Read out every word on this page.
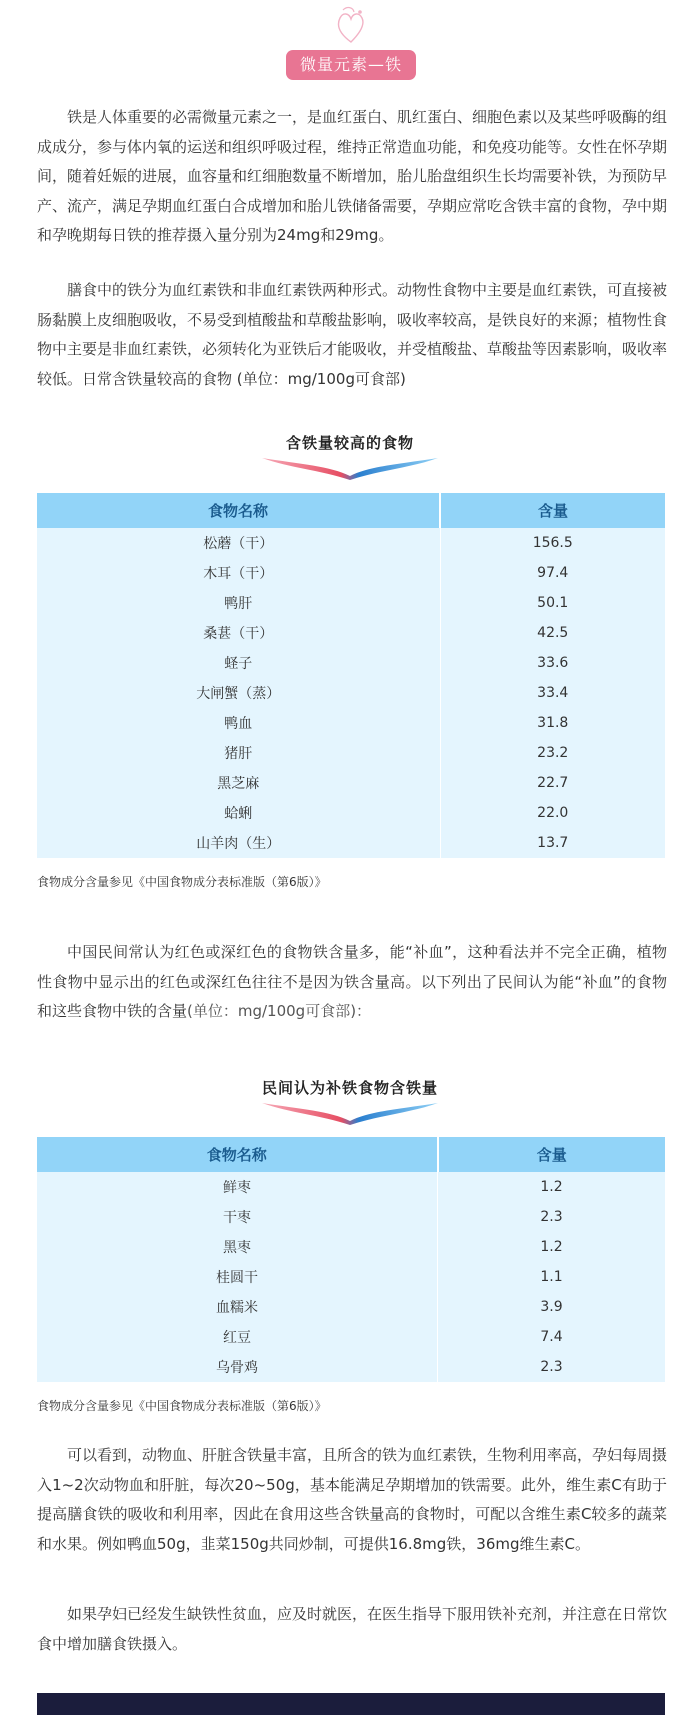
微量元素—铁

铁是人体重要的必需微量元素之一，是血红蛋白、肌红蛋白、细胞色素以及某些呼吸酶的组成成分，参与体内氧的运送和组织呼吸过程，维持正常造血功能，和免疫功能等。女性在怀孕期间，随着妊娠的进展，血容量和红细胞数量不断增加，胎儿胎盘组织生长均需要补铁，为预防早产、流产，满足孕期血红蛋白合成增加和胎儿铁储备需要，孕期应常吃含铁丰富的食物，孕中期和孕晚期每日铁的推荐摄入量分别为24mg和29mg。

膳食中的铁分为血红素铁和非血红素铁两种形式。动物性食物中主要是血红素铁，可直接被肠黏膜上皮细胞吸收，不易受到植酸盐和草酸盐影响，吸收率较高，是铁良好的来源；植物性食物中主要是非血红素铁，必须转化为亚铁后才能吸收，并受植酸盐、草酸盐等因素影响，吸收率较低。日常含铁量较高的食物 (单位：mg/100g可食部)

含铁量较高的食物
食物名称	含量
松蘑（干）	156.5
木耳（干）	97.4
鸭肝	50.1
桑葚（干）	42.5
蛏子	33.6
大闸蟹（蒸）	33.4
鸭血	31.8
猪肝	23.2
黑芝麻	22.7
蛤蜊	22.0
山羊肉（生）	13.7
食物成分含量参见《中国食物成分表标准版（第6版）》

中国民间常认为红色或深红色的食物铁含量多，能“补血”，这种看法并不完全正确，植物性食物中显示出的红色或深红色往往不是因为铁含量高。以下列出了民间认为能“补血”的食物和这些食物中铁的含量(单位：mg/100g可食部)：

民间认为补铁食物含铁量
食物名称	含量
鲜枣	1.2
干枣	2.3
黑枣	1.2
桂圆干	1.1
血糯米	3.9
红豆	7.4
乌骨鸡	2.3
食物成分含量参见《中国食物成分表标准版（第6版）》

可以看到，动物血、肝脏含铁量丰富，且所含的铁为血红素铁，生物利用率高，孕妇每周摄入1~2次动物血和肝脏，每次20~50g，基本能满足孕期增加的铁需要。此外，维生素C有助于提高膳食铁的吸收和利用率，因此在食用这些含铁量高的食物时，可配以含维生素C较多的蔬菜和水果。例如鸭血50g，韭菜150g共同炒制，可提供16.8mg铁，36mg维生素C。

如果孕妇已经发生缺铁性贫血，应及时就医，在医生指导下服用铁补充剂，并注意在日常饮食中增加膳食铁摄入。
